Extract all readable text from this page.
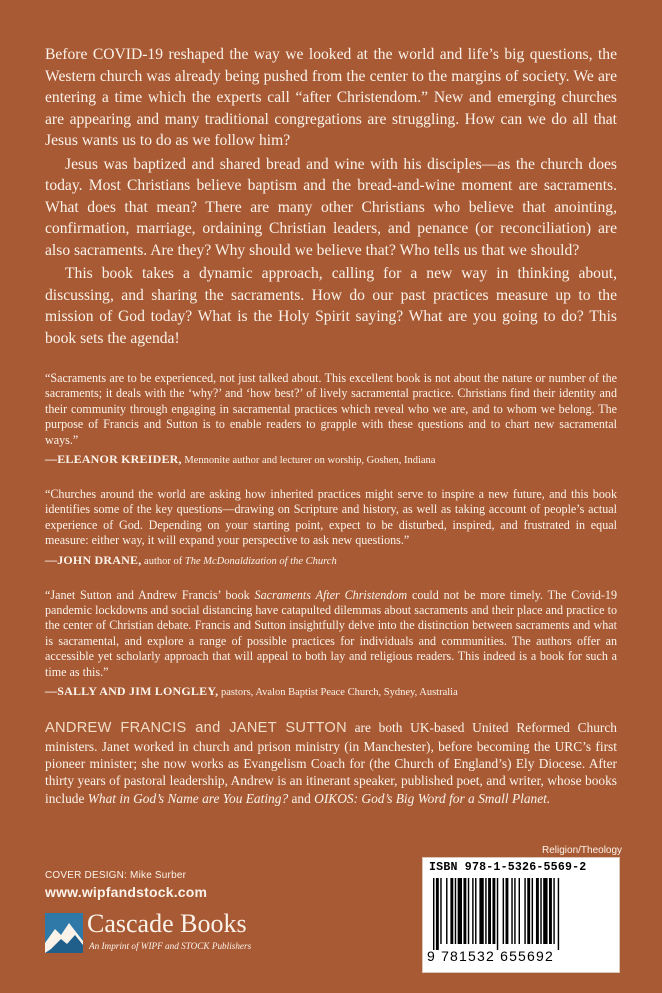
Before COVID-19 reshaped the way we looked at the world and life’s big questions, the Western church was already being pushed from the center to the margins of society. We are entering a time which the experts call “after Christendom.” New and emerging churches are appearing and many traditional congregations are struggling. How can we do all that Jesus wants us to do as we follow him?

Jesus was baptized and shared bread and wine with his disciples—as the church does today. Most Christians believe baptism and the bread-and-wine moment are sacraments. What does that mean? There are many other Christians who believe that anointing, confirmation, marriage, ordaining Christian leaders, and penance (or reconciliation) are also sacraments. Are they? Why should we believe that? Who tells us that we should?

This book takes a dynamic approach, calling for a new way in thinking about, discussing, and sharing the sacraments. How do our past practices measure up to the mission of God today? What is the Holy Spirit saying? What are you going to do? This book sets the agenda!

“Sacraments are to be experienced, not just talked about. This excellent book is not about the nature or number of the sacraments; it deals with the ‘why?’ and ‘how best?’ of lively sacramental practice. Christians find their identity and their community through engaging in sacramental practices which reveal who we are, and to whom we belong. The purpose of Francis and Sutton is to enable readers to grapple with these questions and to chart new sacramental ways.”

—ELEANOR KREIDER, Mennonite author and lecturer on worship, Goshen, Indiana

“Churches around the world are asking how inherited practices might serve to inspire a new future, and this book identifies some of the key questions—drawing on Scripture and history, as well as taking account of people’s actual experience of God. Depending on your starting point, expect to be disturbed, inspired, and frustrated in equal measure: either way, it will expand your perspective to ask new questions.”

—JOHN DRANE, author of The McDonaldization of the Church

“Janet Sutton and Andrew Francis’ book Sacraments After Christendom could not be more timely. The Covid-19 pandemic lockdowns and social distancing have catapulted dilemmas about sacraments and their place and practice to the center of Christian debate. Francis and Sutton insightfully delve into the distinction between sacraments and what is sacramental, and explore a range of possible practices for individuals and communities. The authors offer an accessible yet scholarly approach that will appeal to both lay and religious readers. This indeed is a book for such a time as this.”

—SALLY AND JIM LONGLEY, pastors, Avalon Baptist Peace Church, Sydney, Australia

ANDREW FRANCIS and JANET SUTTON are both UK-based United Reformed Church ministers. Janet worked in church and prison ministry (in Manchester), before becoming the URC’s first pioneer minister; she now works as Evangelism Coach for (the Church of England’s) Ely Diocese. After thirty years of pastoral leadership, Andrew is an itinerant speaker, published poet, and writer, whose books include What in God’s Name are You Eating? and OIKOS: God’s Big Word for a Small Planet.

Religion/Theology
ISBN 978-1-5326-5569-2
9 781532 655692
COVER DESIGN: Mike Surber
www.wipfandstock.com
Cascade Books
An Imprint of WIPF and STOCK Publishers
